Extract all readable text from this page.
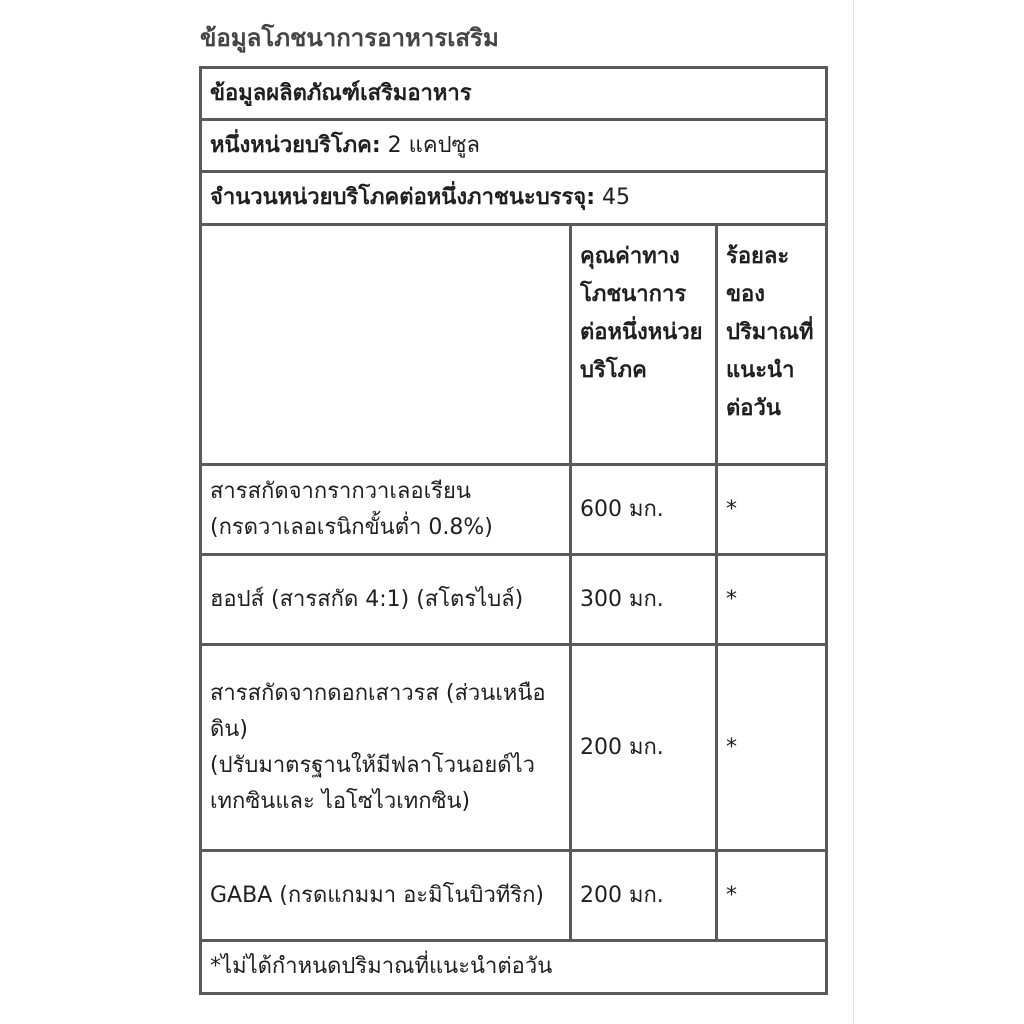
ข้อมูลโภชนาการอาหารเสริม
ข้อมูลผลิตภัณฑ์เสริมอาหาร		
หนึ่งหน่วยบริโภค: 2 แคปซูล		
จำนวนหน่วยบริโภคต่อหนึ่งภาชนะบรรจุ: 45		
	คุณค่าทางโภชนาการต่อหนึ่งหน่วยบริโภค	ร้อยละของปริมาณที่แนะนำต่อวัน
สารสกัดจากรากวาเลอเรียน
(กรดวาเลอเรนิกขั้นต่ำ 0.8%)	600 มก.	*
ฮอปส์ (สารสกัด 4:1) (สโตรไบล์)	300 มก.	*
สารสกัดจากดอกเสาวรส (ส่วนเหนือดิน)
(ปรับมาตรฐานให้มีฟลาโวนอยด์ไวเทกซินและ ไอโซไวเทกซิน)	200 มก.	*
GABA (กรดแกมมา อะมิโนบิวทีริก)	200 มก.	*
*ไม่ได้กำหนดปริมาณที่แนะนำต่อวัน		
